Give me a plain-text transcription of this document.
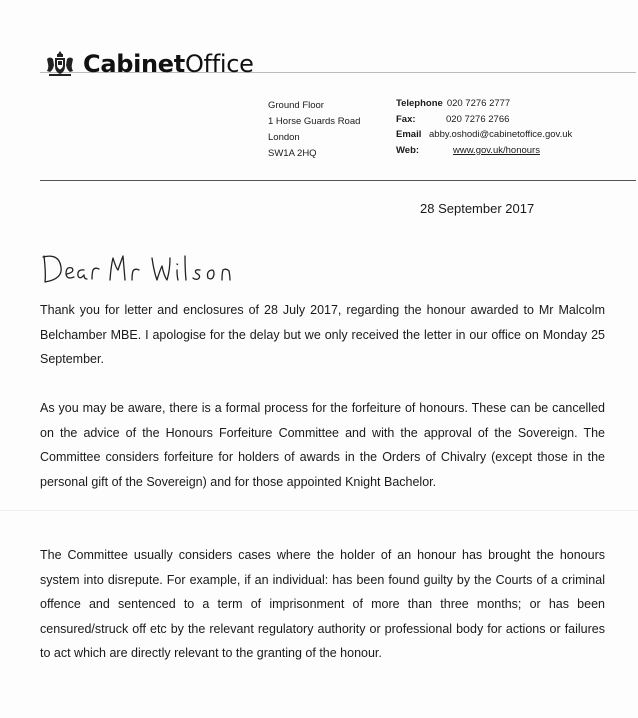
CabinetOffice
Ground Floor
1 Horse Guards Road
London
SW1A 2HQ
Telephone 020 7276 2777
Fax:	020 7276 2766
Email abby.oshodi@cabinetoffice.gov.uk
Web:	www.gov.uk/honours
28 September 2017
Thank you for letter and enclosures of 28 July 2017, regarding the honour awarded to Mr Malcolm Belchamber MBE. I apologise for the delay but we only received the letter in our office on Monday 25 September.
As you may be aware, there is a formal process for the forfeiture of honours. These can be cancelled on the advice of the Honours Forfeiture Committee and with the approval of the Sovereign. The Committee considers forfeiture for holders of awards in the Orders of Chivalry (except those in the personal gift of the Sovereign) and for those appointed Knight Bachelor.
The Committee usually considers cases where the holder of an honour has brought the honours system into disrepute. For example, if an individual: has been found guilty by the Courts of a criminal offence and sentenced to a term of imprisonment of more than three months; or has been censured/struck off etc by the relevant regulatory authority or professional body for actions or failures to act which are directly relevant to the granting of the honour.
